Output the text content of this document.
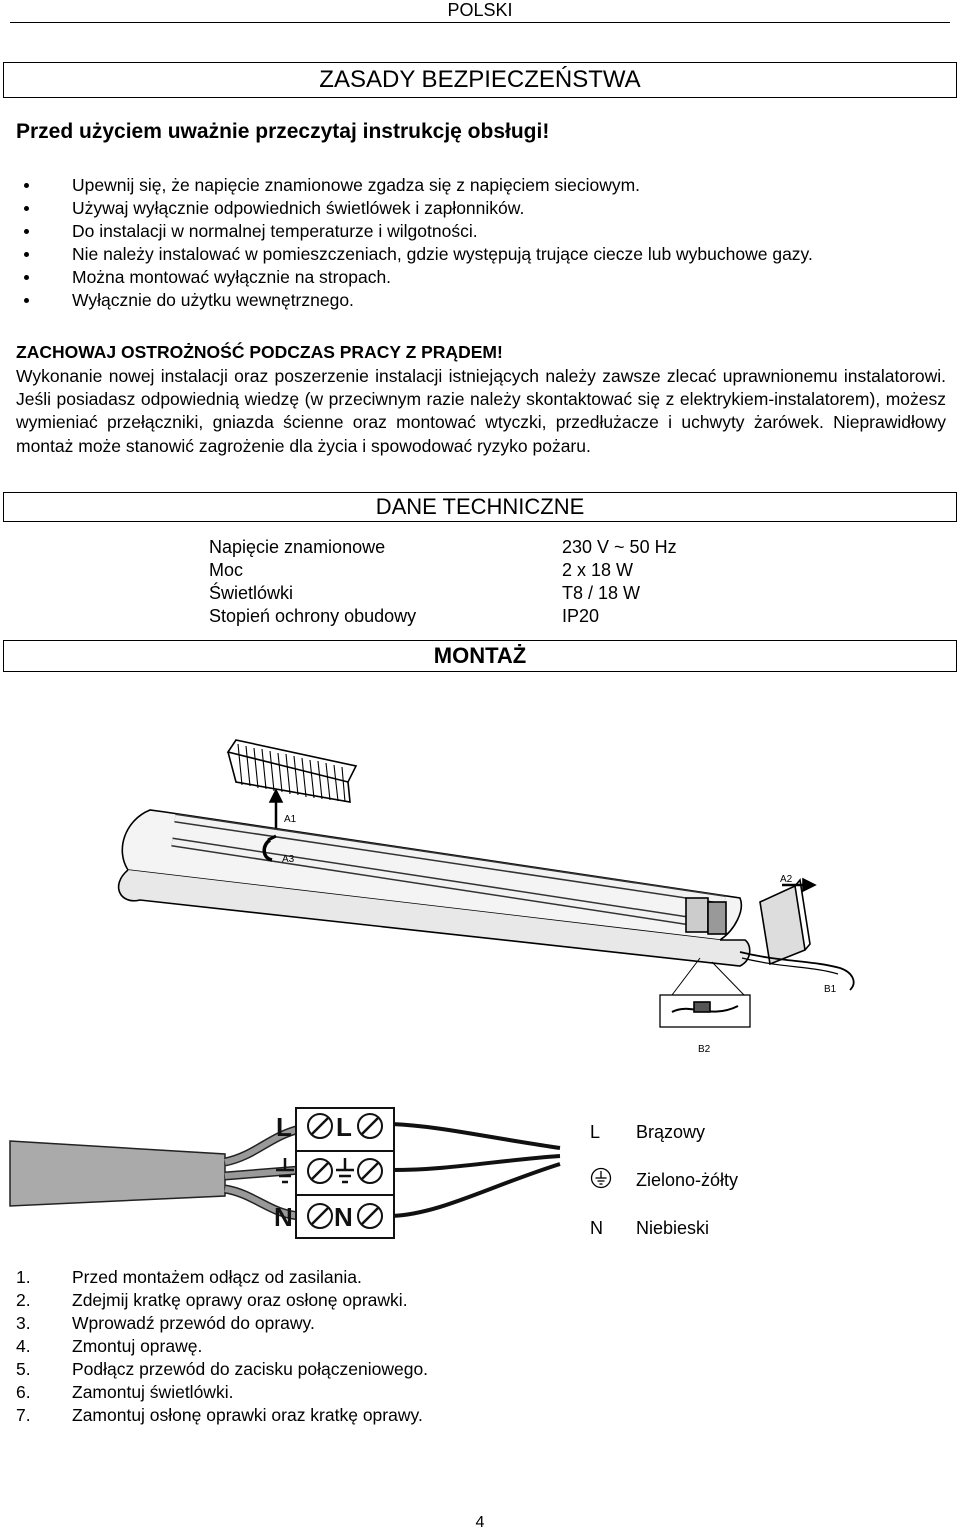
POLSKI
ZASADY BEZPIECZEŃSTWA
Przed użyciem uważnie przeczytaj instrukcję obsługi!
Upewnij się, że napięcie znamionowe zgadza się z napięciem sieciowym.
Używaj wyłącznie odpowiednich świetlówek i zapłonników.
Do instalacji w normalnej temperaturze i wilgotności.
Nie należy instalować w pomieszczeniach, gdzie występują trujące ciecze lub wybuchowe gazy.
Można montować wyłącznie na stropach.
Wyłącznie do użytku wewnętrznego.
ZACHOWAJ OSTROŻNOŚĆ PODCZAS PRACY Z PRĄDEM!
Wykonanie nowej instalacji oraz poszerzenie instalacji istniejących należy zawsze zlecać uprawnionemu instalatorowi. Jeśli posiadasz odpowiednią wiedzę (w przeciwnym razie należy skontaktować się z elektrykiem-instalatorem), możesz wymieniać przełączniki, gniazda ścienne oraz montować wtyczki, przedłużacze i uchwyty żarówek. Nieprawidłowy montaż może stanowić zagrożenie dla życia i spowodować ryzyko pożaru.
DANE TECHNICZNE
Napięcie znamionowe	230 V ~ 50 Hz
Moc	2 x 18 W
Świetlówki	T8 / 18 W
Stopień ochrony obudowy	IP20
MONTAŻ
A1
A3
A2
B1
B2
L L
N N
L	Brązowy
Zielono-żółty
N	Niebieski
1.	Przed montażem odłącz od zasilania.
2.	Zdejmij kratkę oprawy oraz osłonę oprawki.
3.	Wprowadź przewód do oprawy.
4.	Zmontuj oprawę.
5.	Podłącz przewód do zacisku połączeniowego.
6.	Zamontuj świetlówki.
7.	Zamontuj osłonę oprawki oraz kratkę oprawy.
4
